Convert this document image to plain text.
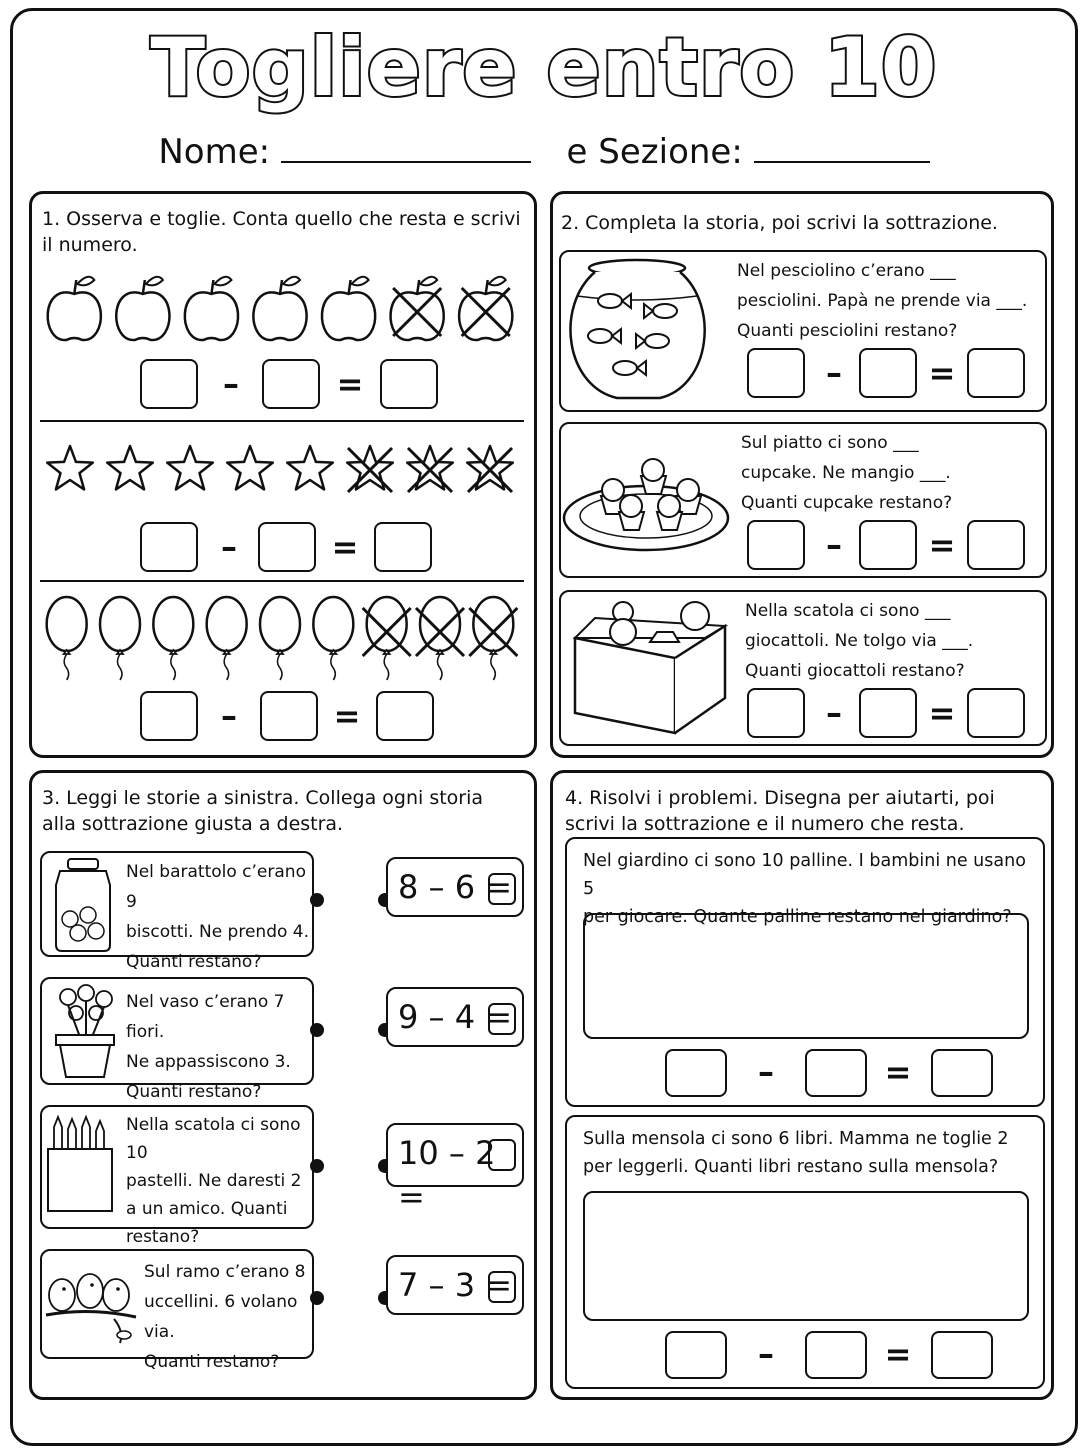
Togliere entro 10
Nome:	e Sezione:
1. Osserva e toglie. Conta quello che resta e scrivi il numero.
–	=
–	=
–	=
2. Completa la storia, poi scrivi la sottrazione.
Nel pesciolino c’erano ___
pesciolini. Papà ne prende via ___.
Quanti pesciolini restano?
–	=
Sul piatto ci sono ___
cupcake. Ne mangio ___.
Quanti cupcake restano?
–	=
Nella scatola ci sono ___
giocattoli. Ne tolgo via ___.
Quanti giocattoli restano?
–	=
3. Leggi le storie a sinistra. Collega ogni storia alla sottrazione giusta a destra.
Nel barattolo c’erano 9
biscotti. Ne prendo 4.
Quanti restano?
8 – 6 =
Nel vaso c’erano 7 fiori.
Ne appassiscono 3.
Quanti restano?
9 – 4 =
Nella scatola ci sono 10
pastelli. Ne daresti 2
a un amico. Quanti
restano?
10 – 2 =
Sul ramo c’erano 8
uccellini. 6 volano via.
Quanti restano?
7 – 3 =
4. Risolvi i problemi. Disegna per aiutarti, poi scrivi la sottrazione e il numero che resta.
Nel giardino ci sono 10 palline. I bambini ne usano 5
per giocare. Quante palline restano nel giardino?
–	=
Sulla mensola ci sono 6 libri. Mamma ne toglie 2
per leggerli. Quanti libri restano sulla mensola?
–	=
